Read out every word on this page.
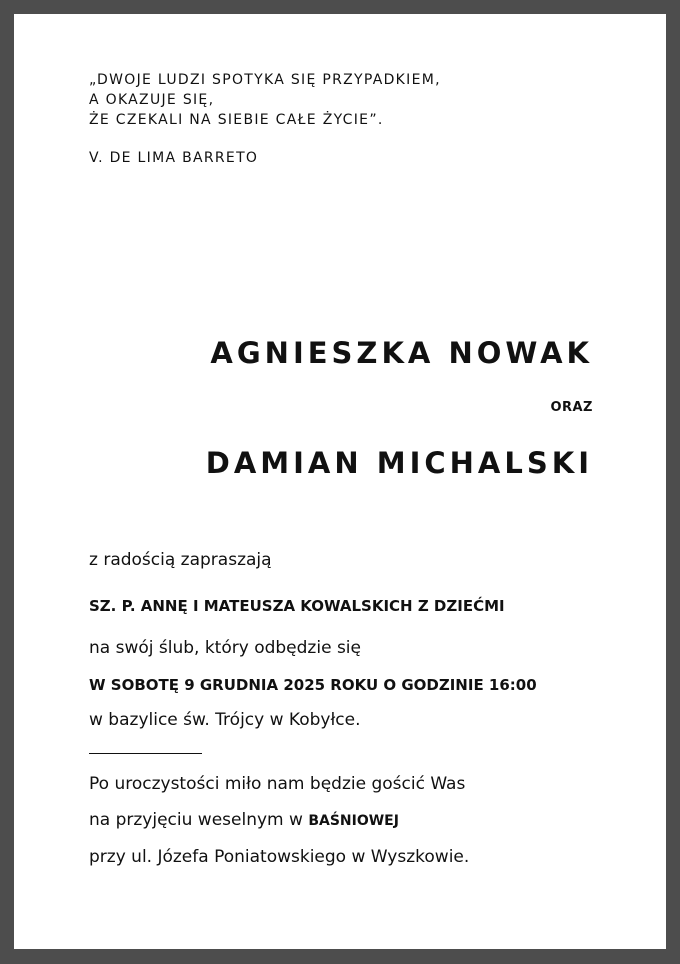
„DWOJE LUDZI SPOTYKA SIĘ PRZYPADKIEM,
A OKAZUJE SIĘ,
ŻE CZEKALI NA SIEBIE CAŁE ŻYCIE”.
V. DE LIMA BARRETO
AGNIESZKA NOWAK
ORAZ
DAMIAN MICHALSKI
z radością zapraszają
SZ. P. ANNĘ I MATEUSZA KOWALSKICH Z DZIEĆMI
na swój ślub, który odbędzie się
W SOBOTĘ 9 GRUDNIA 2025 ROKU O GODZINIE 16:00
w bazylice św. Trójcy w Kobyłce.
Po uroczystości miło nam będzie gościć Was
na przyjęciu weselnym w BAŚNIOWEJ
przy ul. Józefa Poniatowskiego w Wyszkowie.
